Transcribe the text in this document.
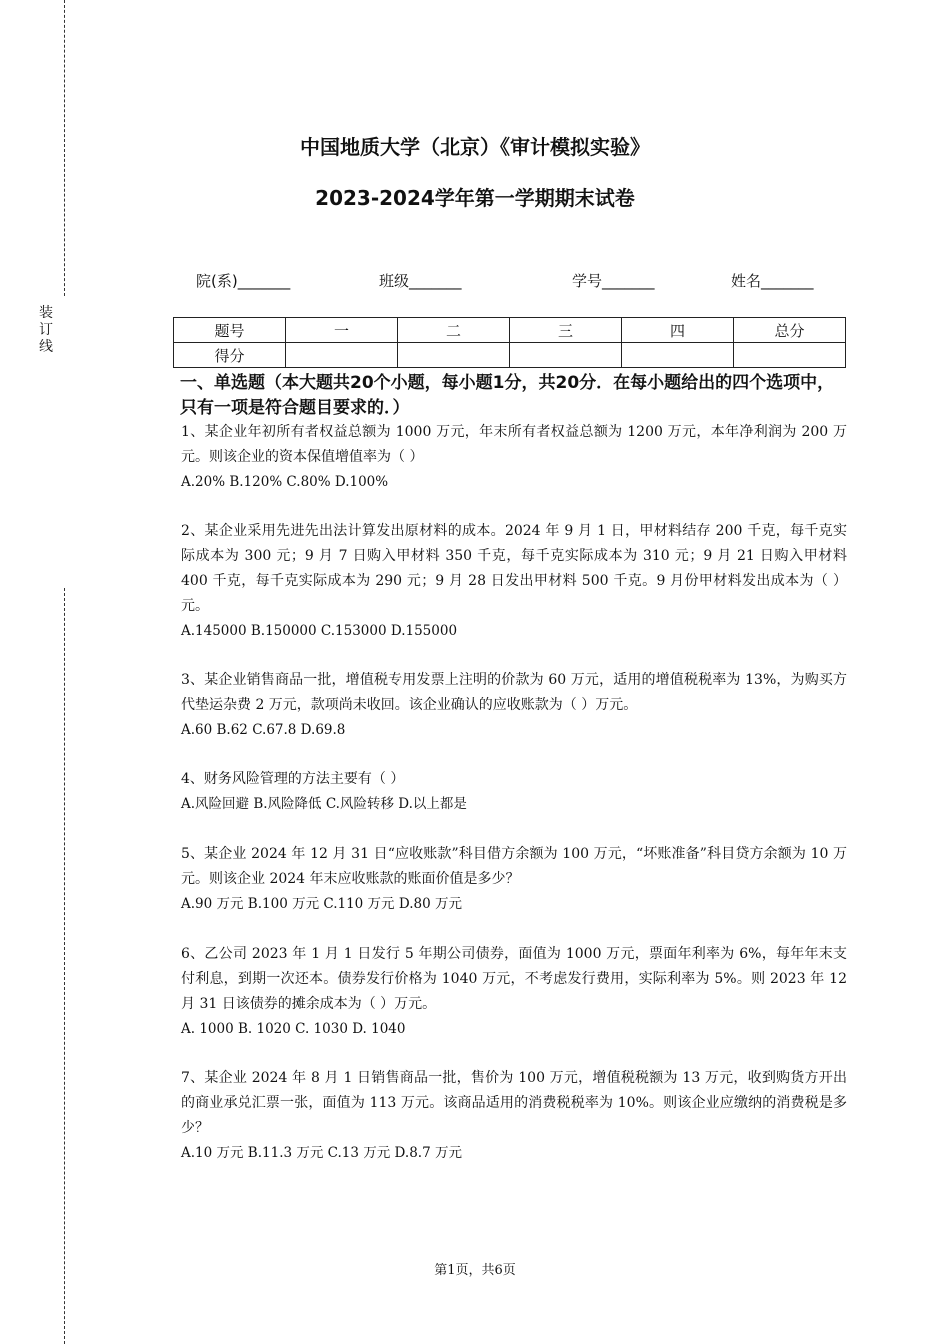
装订线
中国地质大学（北京）《审计模拟实验》
2023-2024学年第一学期期末试卷
院(系)_______	班级_______	学号_______	姓名_______
题号	一	二	三	四	总分
得分					
一、单选题（本大题共20个小题，每小题1分，共20分．在每小题给出的四个选项中，只有一项是符合题目要求的．）
1、某企业年初所有者权益总额为 1000 万元，年末所有者权益总额为 1200 万元，本年净利润为 200 万元。则该企业的资本保值增值率为（ ）
A.20% B.120% C.80% D.100%
2、某企业采用先进先出法计算发出原材料的成本。2024 年 9 月 1 日，甲材料结存 200 千克，每千克实际成本为 300 元；9 月 7 日购入甲材料 350 千克，每千克实际成本为 310 元；9 月 21 日购入甲材料 400 千克，每千克实际成本为 290 元；9 月 28 日发出甲材料 500 千克。9 月份甲材料发出成本为（ ）元。
A.145000 B.150000 C.153000 D.155000
3、某企业销售商品一批，增值税专用发票上注明的价款为 60 万元，适用的增值税税率为 13%，为购买方代垫运杂费 2 万元，款项尚未收回。该企业确认的应收账款为（ ）万元。
A.60 B.62 C.67.8 D.69.8
4、财务风险管理的方法主要有（ ）
A.风险回避 B.风险降低 C.风险转移 D.以上都是
5、某企业 2024 年 12 月 31 日“应收账款”科目借方余额为 100 万元，“坏账准备”科目贷方余额为 10 万元。则该企业 2024 年末应收账款的账面价值是多少？
A.90 万元 B.100 万元 C.110 万元 D.80 万元
6、乙公司 2023 年 1 月 1 日发行 5 年期公司债券，面值为 1000 万元，票面年利率为 6%，每年年末支付利息，到期一次还本。债券发行价格为 1040 万元，不考虑发行费用，实际利率为 5%。则 2023 年 12 月 31 日该债券的摊余成本为（ ）万元。
A. 1000 B. 1020 C. 1030 D. 1040
7、某企业 2024 年 8 月 1 日销售商品一批，售价为 100 万元，增值税税额为 13 万元，收到购货方开出的商业承兑汇票一张，面值为 113 万元。该商品适用的消费税税率为 10%。则该企业应缴纳的消费税是多少？
A.10 万元 B.11.3 万元 C.13 万元 D.8.7 万元
第1页，共6页
